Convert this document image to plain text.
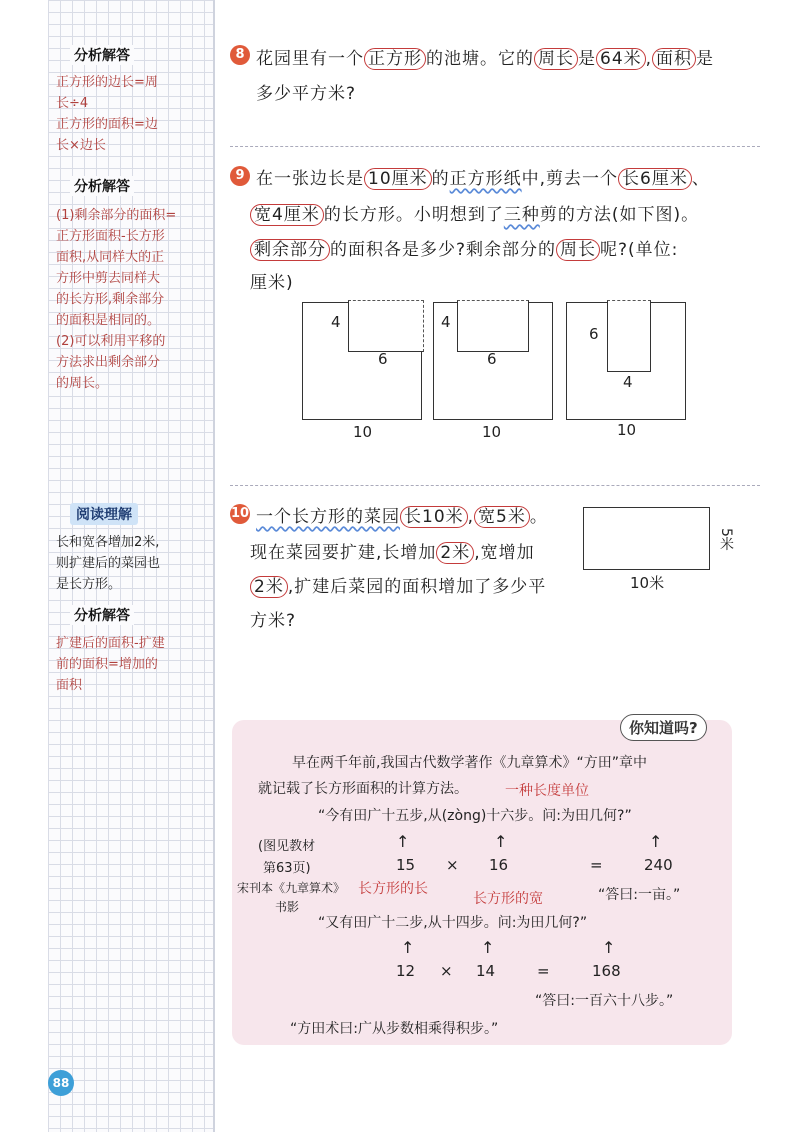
分析解答
正方形的边长=周
长÷4
正方形的面积=边
长×边长
分析解答
(1)剩余部分的面积=
正方形面积-长方形
面积,从同样大的正
方形中剪去同样大
的长方形,剩余部分
的面积是相同的。
(2)可以利用平移的
方法求出剩余部分
的周长。
阅读理解
长和宽各增加2米,
则扩建后的菜园也
是长方形。
分析解答
扩建后的面积-扩建
前的面积=增加的
面积
88
8 花园里有一个 正方形 的池塘。它的 周长 是 64米 , 面积 是
多少平方米?
9 在一张边长是 10厘米 的正方形纸中,剪去一个 长6厘米 、
宽4厘米 的长方形。小明想到了三种剪的方法(如下图)。
剩余部分 的面积各是多少?剩余部分的 周长 呢?(单位:
厘米)
4
6
10
4
6
10
6
4
10
10 一个长方形的菜园 长10米 , 宽5米 。
现在菜园要扩建,长增加 2米 ,宽增加
2米 ,扩建后菜园的面积增加了多少平
方米?
5米
10米
你知道吗?
早在两千年前,我国古代数学著作《九章算术》“方田”章中
就记载了长方形面积的计算方法。	一种长度单位
“今有田广十五步,从(zòng)十六步。问:为田几何?”
15 × 16	=	240
↑	↑	↑
(图见教材
第63页)
宋刊本《九章算术》
书影
长方形的长
长方形的宽	“答曰:一亩。”
“又有田广十二步,从十四步。问:为田几何?”
↑	↑	↑
12 × 14	=	168
“答曰:一百六十八步。”
“方田术曰:广从步数相乘得积步。”
